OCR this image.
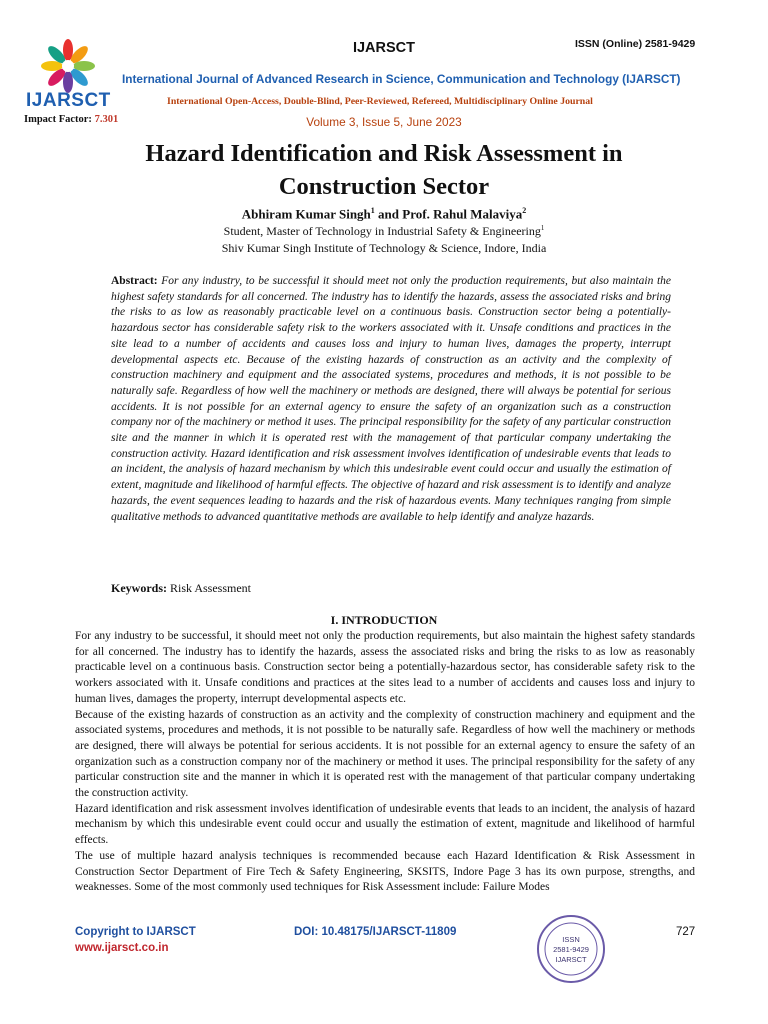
IJARSCT
Impact Factor: 7.301
IJARSCT	ISSN (Online) 2581-9429
International Journal of Advanced Research in Science, Communication and Technology (IJARSCT)
International Open-Access, Double-Blind, Peer-Reviewed, Refereed, Multidisciplinary Online Journal
Volume 3, Issue 5, June 2023
Hazard Identification and Risk Assessment in
Construction Sector
Abhiram Kumar Singh$^1$ and Prof. Rahul Malaviya$^2$
Student, Master of Technology in Industrial Safety & Engineering$^1$
Shiv Kumar Singh Institute of Technology & Science, Indore, India
Abstract: For any industry, to be successful it should meet not only the production requirements, but also maintain the highest safety standards for all concerned. The industry has to identify the hazards, assess the associated risks and bring the risks to as low as reasonably practicable level on a continuous basis. Construction sector being a potentially-hazardous sector has considerable safety risk to the workers associated with it. Unsafe conditions and practices in the site lead to a number of accidents and causes loss and injury to human lives, damages the property, interrupt developmental aspects etc. Because of the existing hazards of construction as an activity and the complexity of construction machinery and equipment and the associated systems, procedures and methods, it is not possible to be naturally safe. Regardless of how well the machinery or methods are designed, there will always be potential for serious accidents. It is not possible for an external agency to ensure the safety of an organization such as a construction company nor of the machinery or method it uses. The principal responsibility for the safety of any particular construction site and the manner in which it is operated rest with the management of that particular company undertaking the construction activity. Hazard identification and risk assessment involves identification of undesirable events that leads to an incident, the analysis of hazard mechanism by which this undesirable event could occur and usually the estimation of extent, magnitude and likelihood of harmful effects. The objective of hazard and risk assessment is to identify and analyze hazards, the event sequences leading to hazards and the risk of hazardous events. Many techniques ranging from simple qualitative methods to advanced quantitative methods are available to help identify and analyze hazards.
Keywords: Risk Assessment
I. INTRODUCTION

For any industry to be successful, it should meet not only the production requirements, but also maintain the highest safety standards for all concerned. The industry has to identify the hazards, assess the associated risks and bring the risks to as low as reasonably practicable level on a continuous basis. Construction sector being a potentially-hazardous sector, has considerable safety risk to the workers associated with it. Unsafe conditions and practices at the sites lead to a number of accidents and causes loss and injury to human lives, damages the property, interrupt developmental aspects etc.

Because of the existing hazards of construction as an activity and the complexity of construction machinery and equipment and the associated systems, procedures and methods, it is not possible to be naturally safe. Regardless of how well the machinery or methods are designed, there will always be potential for serious accidents. It is not possible for an external agency to ensure the safety of an organization such as a construction company nor of the machinery or method it uses. The principal responsibility for the safety of any particular construction site and the manner in which it is operated rest with the management of that particular company undertaking the construction activity.

Hazard identification and risk assessment involves identification of undesirable events that leads to an incident, the analysis of hazard mechanism by which this undesirable event could occur and usually the estimation of extent, magnitude and likelihood of harmful effects.

The use of multiple hazard analysis techniques is recommended because each Hazard Identification & Risk Assessment in Construction Sector Department of Fire Tech & Safety Engineering, SKSITS, Indore Page 3 has its own purpose, strengths, and weaknesses. Some of the most commonly used techniques for Risk Assessment include: Failure Modes

Copyright to IJARSCT
www.ijarsct.co.in
DOI: 10.48175/IJARSCT-11809	727
ISSN
2581-9429
IJARSCT
